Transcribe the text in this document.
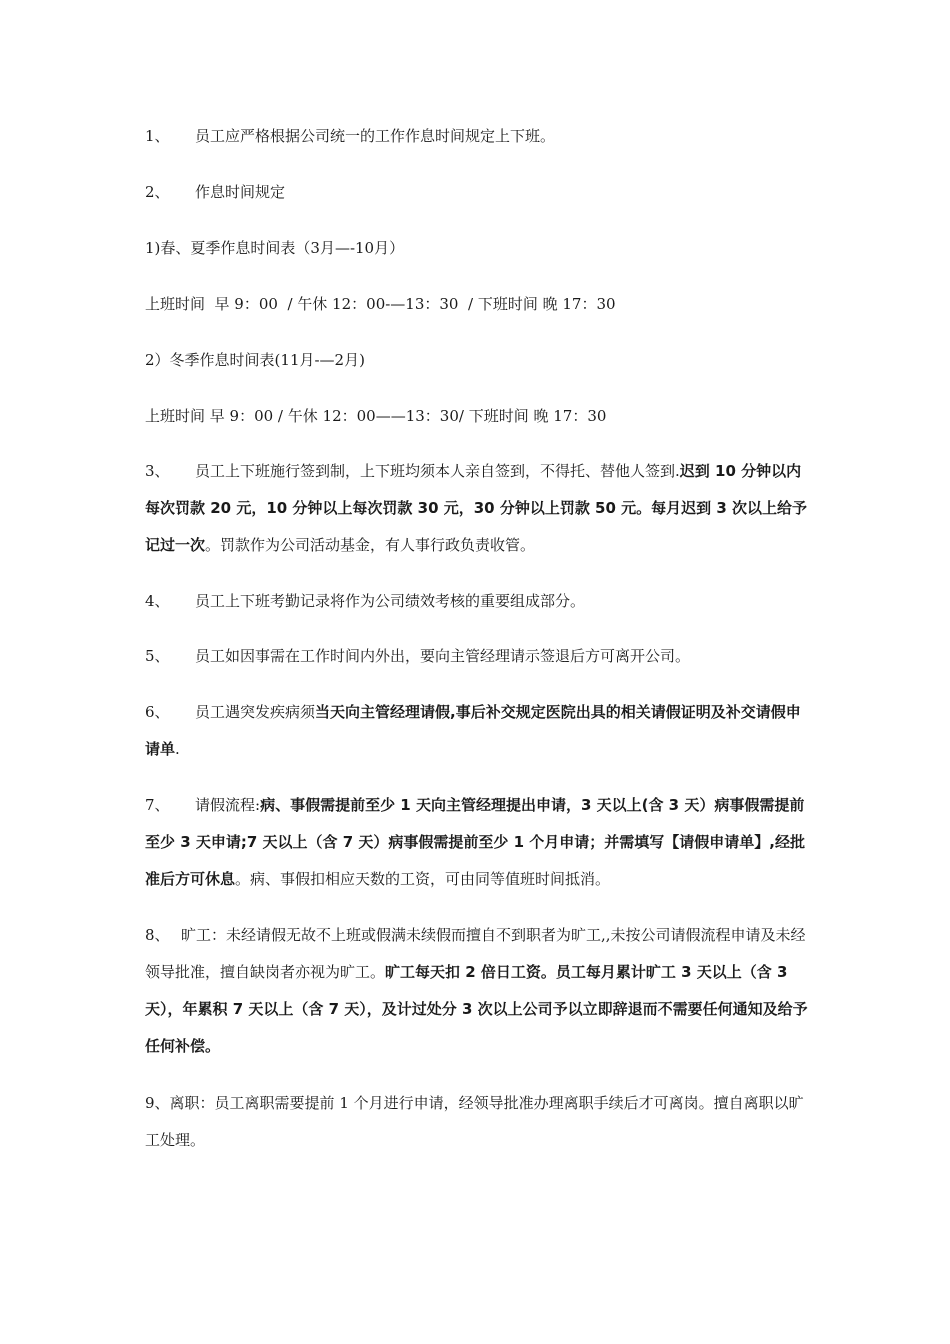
1、 员工应严格根据公司统一的工作作息时间规定上下班。

2、 作息时间规定

1)春、夏季作息时间表（3月—-10月）

上班时间  早 9：00  / 午休 12：00-—13：30  / 下班时间 晚 17：30

2）冬季作息时间表(11月-—2月)

上班时间 早 9：00 / 午休 12：00——13：30/ 下班时间 晚 17：30

3、 员工上下班施行签到制，上下班均须本人亲自签到，不得托、替他人签到.迟到 10 分钟以内每次罚款 20 元，10 分钟以上每次罚款 30 元，30 分钟以上罚款 50 元。每月迟到 3 次以上给予记过一次。罚款作为公司活动基金，有人事行政负责收管。

4、 员工上下班考勤记录将作为公司绩效考核的重要组成部分。

5、 员工如因事需在工作时间内外出，要向主管经理请示签退后方可离开公司。

6、 员工遇突发疾病须当天向主管经理请假,事后补交规定医院出具的相关请假证明及补交请假申请单.

7、 请假流程:病、事假需提前至少 1 天向主管经理提出申请，3 天以上(含 3 天）病事假需提前至少 3 天申请;7 天以上（含 7 天）病事假需提前至少 1 个月申请；并需填写【请假申请单】,经批准后方可休息。病、事假扣相应天数的工资，可由同等值班时间抵消。

8、 旷工：未经请假无故不上班或假满未续假而擅自不到职者为旷工,,未按公司请假流程申请及未经领导批准，擅自缺岗者亦视为旷工。旷工每天扣 2 倍日工资。员工每月累计旷工 3 天以上（含 3 天），年累积 7 天以上（含 7 天），及计过处分 3 次以上公司予以立即辞退而不需要任何通知及给予任何补偿。

9、离职：员工离职需要提前 1 个月进行申请，经领导批准办理离职手续后才可离岗。擅自离职以旷工处理。
